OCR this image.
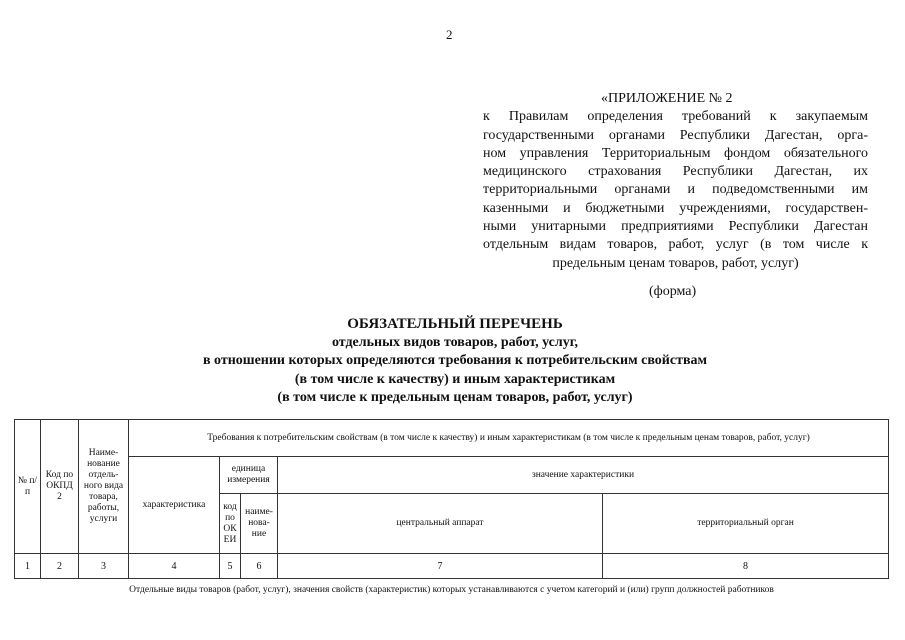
2
«ПРИЛОЖЕНИЕ № 2
к Правилам определения требований к закупаемым
государственными органами Республики Дагестан, орга-
ном управления Территориальным фондом обязательного
медицинского страхования Республики Дагестан, их
территориальными органами и подведомственными им
казенными и бюджетными учреждениями, государствен-
ными унитарными предприятиями Республики Дагестан
отдельным видам товаров, работ, услуг (в том числе к
предельным ценам товаров, работ, услуг)
(форма)
ОБЯЗАТЕЛЬНЫЙ ПЕРЕЧЕНЬ
отдельных видов товаров, работ, услуг,
в отношении которых определяются требования к потребительским свойствам
(в том числе к качеству) и иным характеристикам
(в том числе к предельным ценам товаров, работ, услуг)
№ п/п	Код по ОКПД 2	Наиме- нование отдель- ного вида товара, работы, услуги	Требования к потребительским свойствам (в том числе к качеству) и иным характеристикам (в том числе к предельным ценам товаров, работ, услуг)				
			характеристика	единица измерения		значение характеристики	
				код по ОК ЕИ	наиме- нова- ние	центральный аппарат	территориальный орган
1	2	3	4	5	6	7	8
Отдельные виды товаров (работ, услуг), значения свойств (характеристик) которых устанавливаются с учетом категорий и (или) групп должностей работников							
